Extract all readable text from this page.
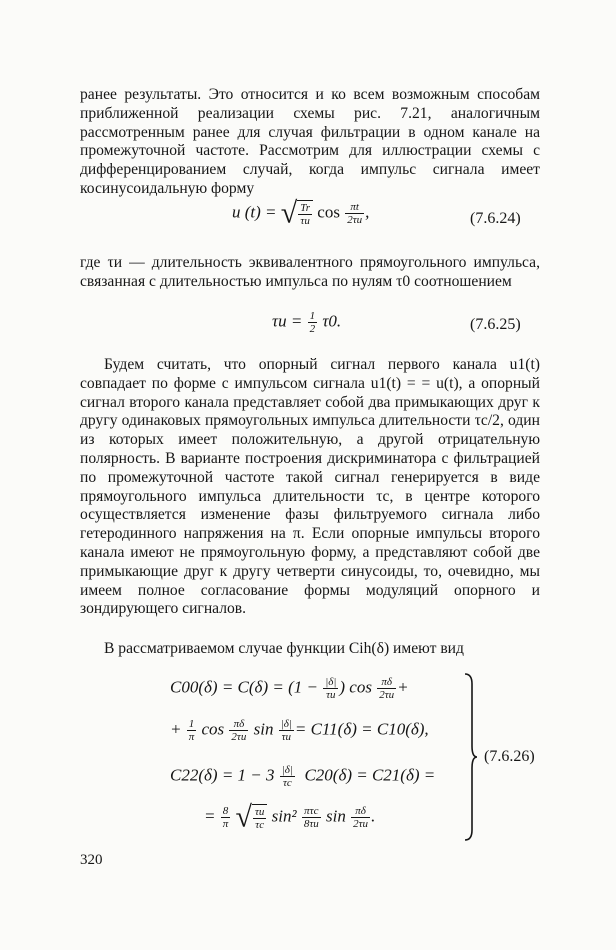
ранее результаты. Это относится и ко всем возможным способам приближенной реализации схемы рис. 7.21, аналогичным рассмотренным ранее для случая фильтрации в одном канале на промежуточной частоте. Рассмотрим для иллюстрации схемы с дифференцированием случай, когда импульс сигнала имеет косинусоидальную форму

u (t) = √ $\frac{Tr}{\tau и}$ $\cos \frac{\pi t}{2\tau и}$ ,	(7.6.24)

где τи — длительность эквивалентного прямоугольного импульса, связанная с длительностью импульса по нулям τ0 соотношением

$\tau и = \frac{1}{2} \tau 0$.	(7.6.25)

Будем считать, что опорный сигнал первого канала u1(t) совпадает по форме с импульсом сигнала u1(t) = = u(t), а опорный сигнал второго канала представляет собой два примыкающих друг к другу одинаковых прямоугольных импульса длительности τс/2, один из которых имеет положительную, а другой отрицательную полярность. В варианте построения дискриминатора с фильтрацией по промежуточной частоте такой сигнал генерируется в виде прямоугольного импульса длительности τс, в центре которого осуществляется изменение фазы фильтруемого сигнала либо гетеродинного напряжения на π. Если опорные импульсы второго канала имеют не прямоугольную форму, а представляют собой две примыкающие друг к другу четверти синусоиды, то, очевидно, мы имеем полное согласование формы модуляций опорного и зондирующего сигналов.

В рассматриваемом случае функции Cih(δ) имеют вид

$C00(\delta) = C(\delta) = (1 - \frac{|\delta|}{\tau и}$ ) $\cos \frac{\pi\delta}{2\tau и}$ +
+ $\frac{1}{\pi}$ $\cos \frac{\pi\delta}{2\tau и}$ $\sin \frac{|\delta|}{\tau и} = C11(\delta) = C10(\delta)$,
$C22(\delta) = 1 - 3 \frac{|\delta|}{\tau с} C20(\delta) = C21(\delta)$ =
= $\frac{8}{\pi}$ √ $\frac{\tau и}{\tau с} \sin^2 \frac{\text{πτс}}{8\tau и}$ $\sin \frac{\pi\delta}{2\tau и}$ .
(7.6.26)
320
